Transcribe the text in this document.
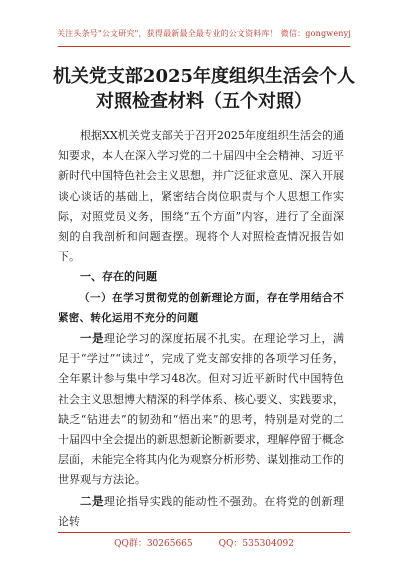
关注头条号"公文研究"，获得最新最全最专业的公文资料库！ 微信：gongwenyj
机关党支部2025年度组织生活会个人对照检查材料（五个对照）

根据XX机关党支部关于召开2025年度组织生活会的通知要求，本人在深入学习党的二十届四中全会精神、习近平新时代中国特色社会主义思想，并广泛征求意见、深入开展谈心谈话的基础上，紧密结合岗位职责与个人思想工作实际，对照党员义务，围绕“五个方面”内容，进行了全面深刻的自我剖析和问题查摆。现将个人对照检查情况报告如下。

一、存在的问题

（一）在学习贯彻党的创新理论方面，存在学用结合不紧密、转化运用不充分的问题

一是理论学习的深度拓展不扎实。在理论学习上，满足于“学过”“读过”，完成了党支部安排的各项学习任务，全年累计参与集中学习48次。但对习近平新时代中国特色社会主义思想博大精深的科学体系、核心要义、实践要求，缺乏“钻进去”的韧劲和“悟出来”的思考，特别是对党的二十届四中全会提出的新思想新论断新要求，理解停留于概念层面，未能完全将其内化为观察分析形势、谋划推动工作的世界观与方法论。

二是理论指导实践的能动性不强劲。在将党的创新理论转

QQ群：30265665	QQ：535304092
